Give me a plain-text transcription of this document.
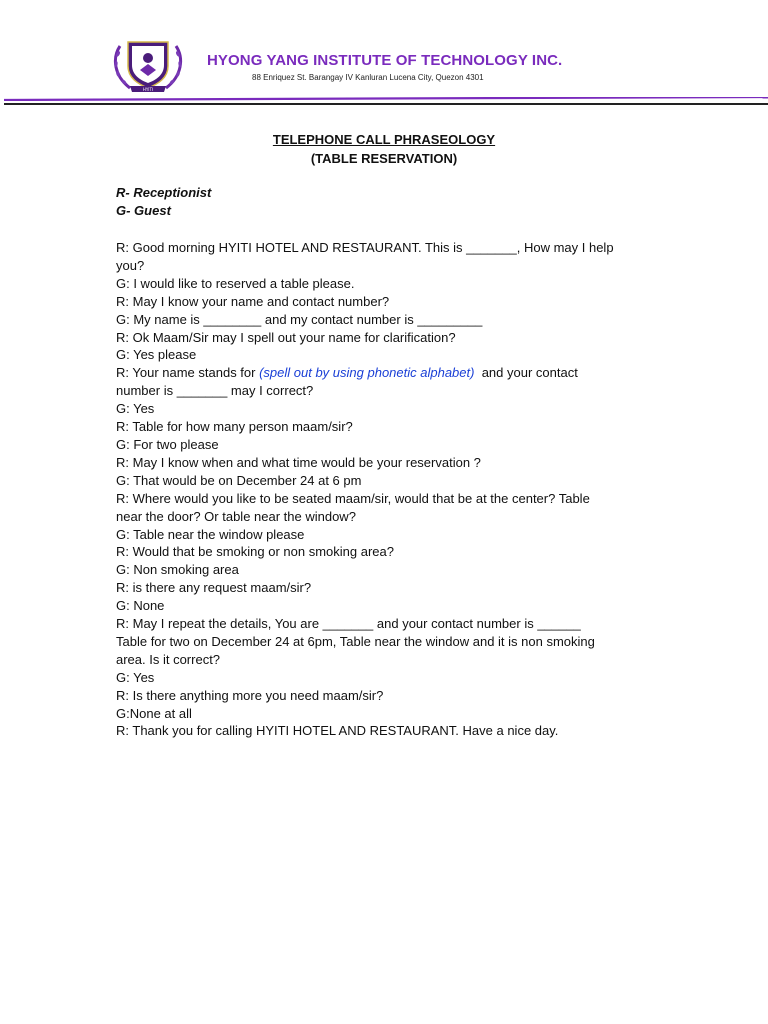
HYITI
HYONG YANG INSTITUTE OF TECHNOLOGY INC.
88 Enriquez St. Barangay IV Kanluran Lucena City, Quezon 4301
TELEPHONE CALL PHRASEOLOGY
(TABLE RESERVATION)
R- Receptionist
G- Guest
R: Good morning HYITI HOTEL AND RESTAURANT. This is _______, How may I help
you?
G: I would like to reserved a table please.
R: May I know your name and contact number?
G: My name is ________ and my contact number is _________
R: Ok Maam/Sir may I spell out your name for clarification?
G: Yes please
R: Your name stands for (spell out by using phonetic alphabet)  and your contact
number is _______ may I correct?
G: Yes
R: Table for how many person maam/sir?
G: For two please
R: May I know when and what time would be your reservation ?
G: That would be on December 24 at 6 pm
R: Where would you like to be seated maam/sir, would that be at the center? Table
near the door? Or table near the window?
G: Table near the window please
R: Would that be smoking or non smoking area?
G: Non smoking area
R: is there any request maam/sir?
G: None
R: May I repeat the details, You are _______ and your contact number is ______
Table for two on December 24 at 6pm, Table near the window and it is non smoking
area. Is it correct?
G: Yes
R: Is there anything more you need maam/sir?
G:None at all
R: Thank you for calling HYITI HOTEL AND RESTAURANT. Have a nice day.
